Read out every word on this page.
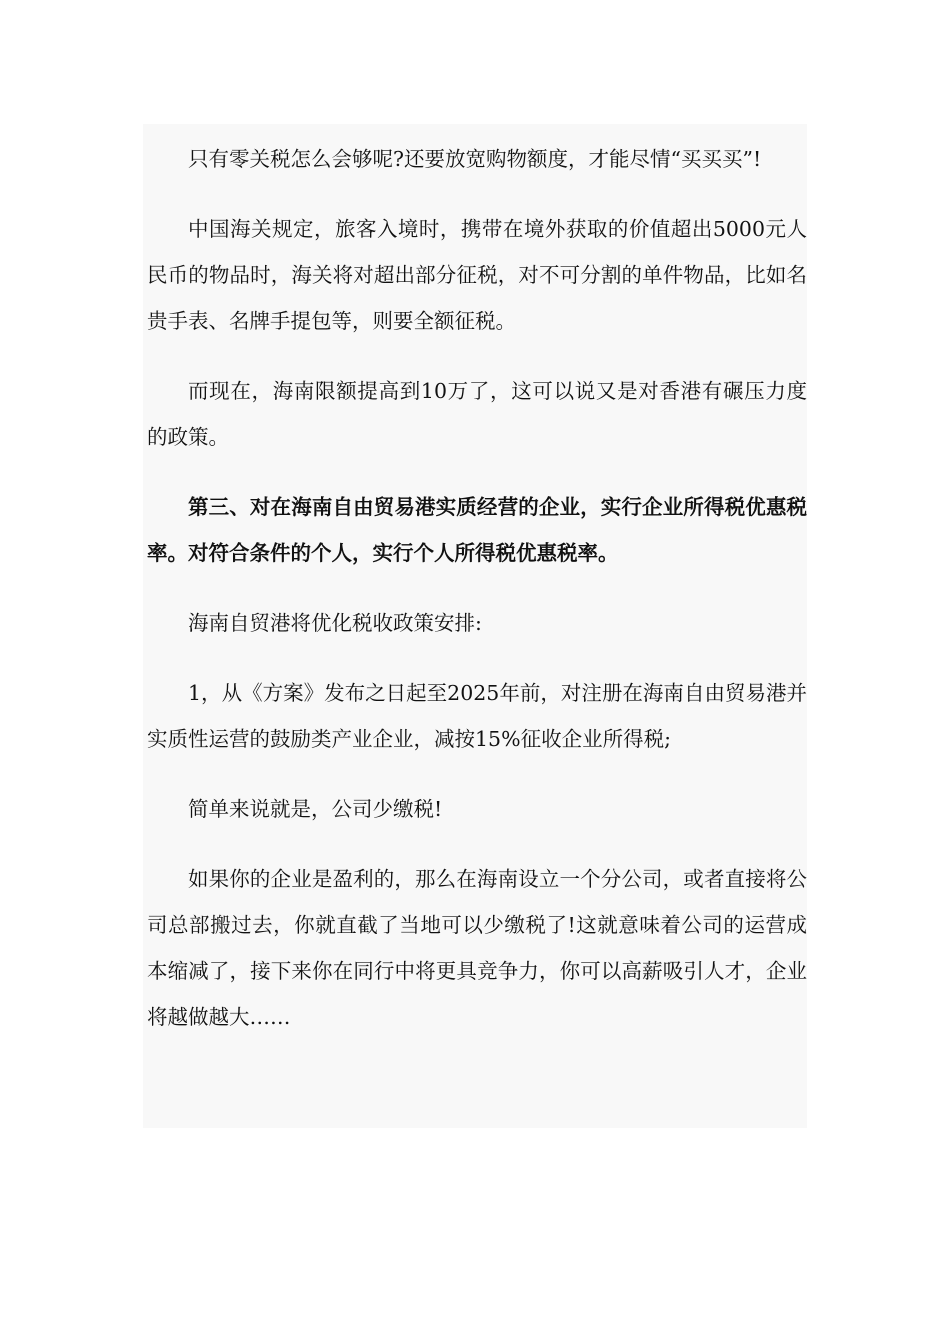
只有零关税怎么会够呢?还要放宽购物额度，才能尽情“买买买”!

中国海关规定，旅客入境时，携带在境外获取的价值超出5000元人民币的物品时，海关将对超出部分征税，对不可分割的单件物品，比如名贵手表、名牌手提包等，则要全额征税。

而现在，海南限额提高到10万了，这可以说又是对香港有碾压力度的政策。

第三、对在海南自由贸易港实质经营的企业，实行企业所得税优惠税率。对符合条件的个人，实行个人所得税优惠税率。

海南自贸港将优化税收政策安排:

1，从《方案》发布之日起至2025年前，对注册在海南自由贸易港并实质性运营的鼓励类产业企业，减按15%征收企业所得税;

简单来说就是，公司少缴税!

如果你的企业是盈利的，那么在海南设立一个分公司，或者直接将公司总部搬过去，你就直截了当地可以少缴税了!这就意味着公司的运营成本缩减了，接下来你在同行中将更具竞争力，你可以高薪吸引人才，企业将越做越大……
